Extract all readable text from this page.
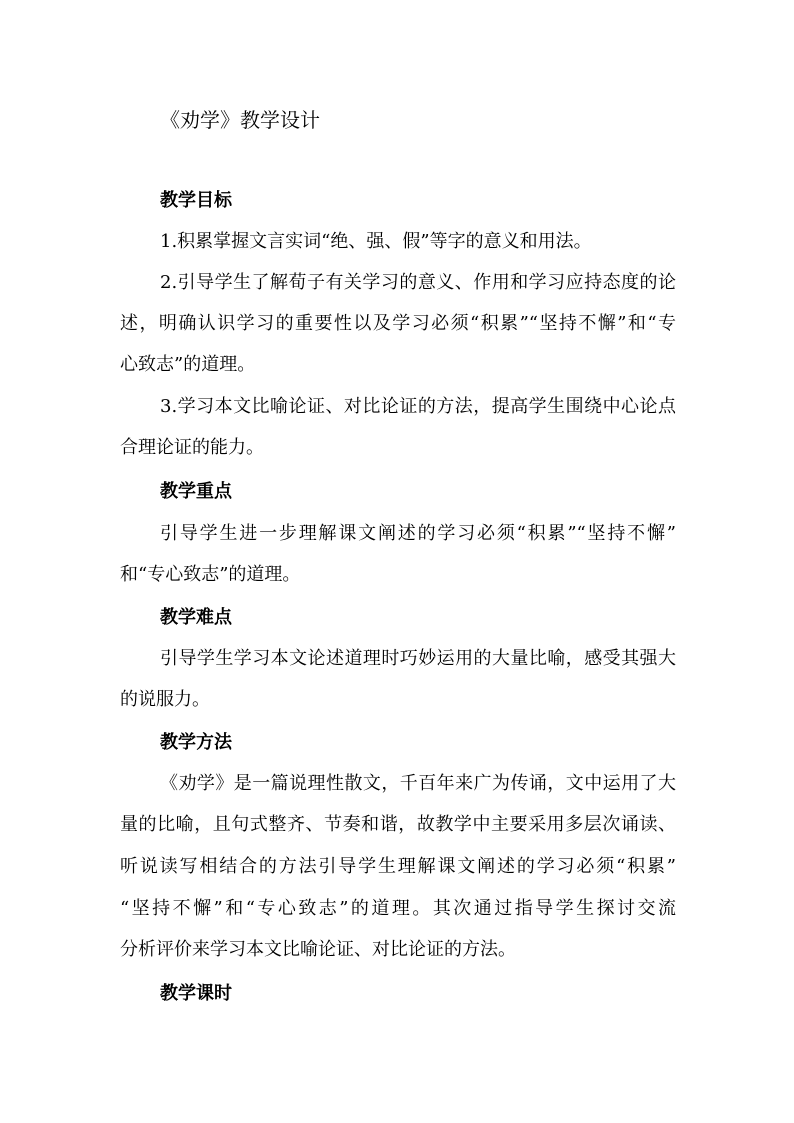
《劝学》教学设计
教学目标
1.积累掌握文言实词“绝、强、假”等字的意义和用法。
2.引导学生了解荀子有关学习的意义、作用和学习应持态度的论
述，明确认识学习的重要性以及学习必须“积累”“坚持不懈”和“专
心致志”的道理。
3.学习本文比喻论证、对比论证的方法，提高学生围绕中心论点
合理论证的能力。
教学重点
引导学生进一步理解课文阐述的学习必须“积累”“坚持不懈”
和“专心致志”的道理。
教学难点
引导学生学习本文论述道理时巧妙运用的大量比喻，感受其强大
的说服力。
教学方法
《劝学》是一篇说理性散文，千百年来广为传诵，文中运用了大
量的比喻，且句式整齐、节奏和谐，故教学中主要采用多层次诵读、
听说读写相结合的方法引导学生理解课文阐述的学习必须“积累”
“坚持不懈”和“专心致志”的道理。其次通过指导学生探讨交流
分析评价来学习本文比喻论证、对比论证的方法。
教学课时
